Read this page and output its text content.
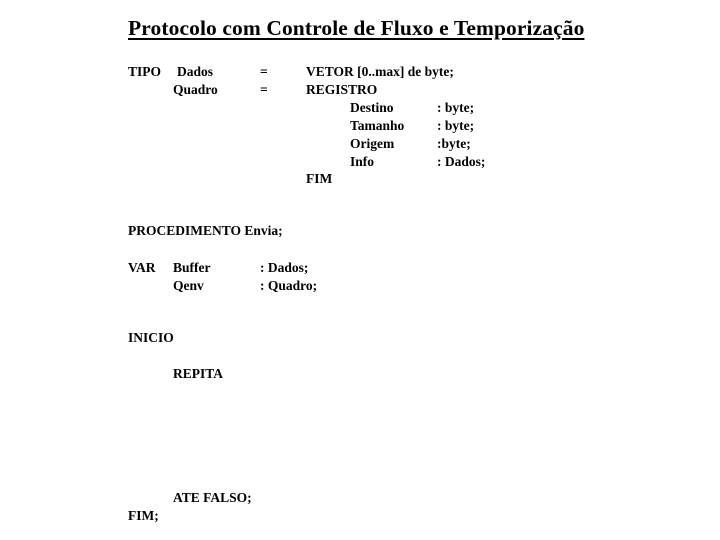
Protocolo com Controle de Fluxo e Temporização
TIPO Dados	=	VETOR [0..max] de byte;
Quadro	=	REGISTRO
Destino	: byte;
Tamanho : byte;
Origem	:byte;
Info	: Dados;
FIM
PROCEDIMENTO Envia;
VAR Buffer	: Dados;
Qenv	: Quadro;
INICIO
REPITA
ATE FALSO;
FIM;
